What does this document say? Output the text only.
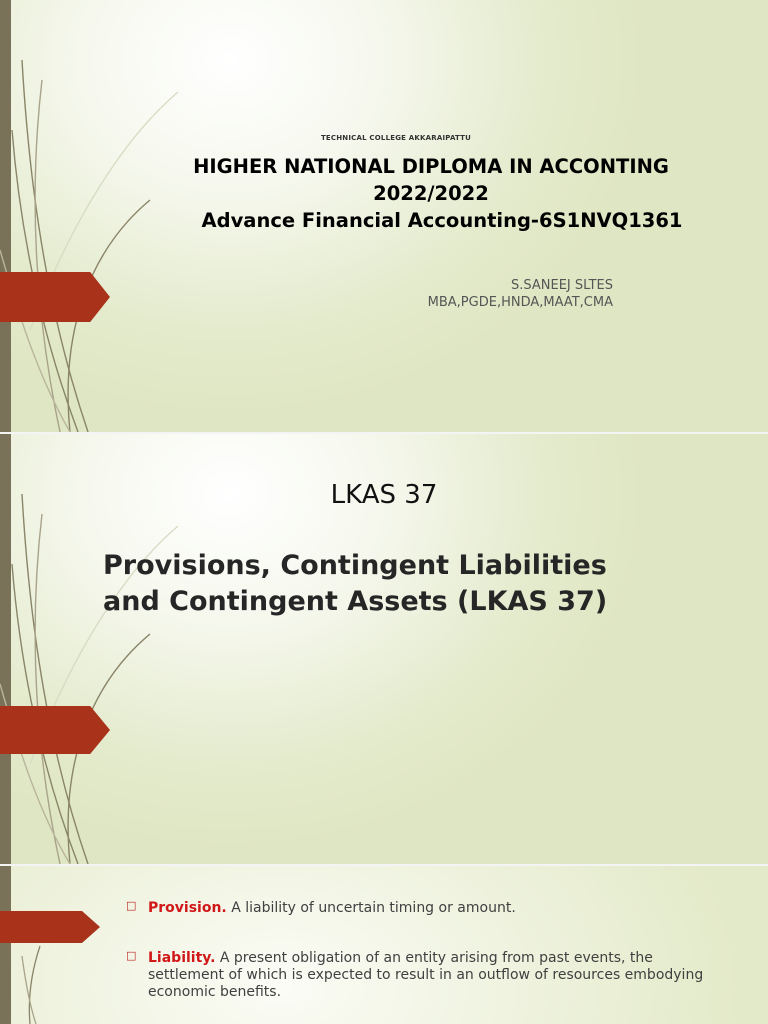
TECHNICAL COLLEGE AKKARAIPATTU
HIGHER NATIONAL DIPLOMA IN ACCONTING
2022/2022
Advance Financial Accounting-6S1NVQ1361
S.SANEEJ SLTES
MBA,PGDE,HNDA,MAAT,CMA
LKAS 37
Provisions, Contingent Liabilities
and Contingent Assets (LKAS 37)
□ Provision. A liability of uncertain timing or amount.
□ Liability. A present obligation of an entity arising from past events, the settlement of which is expected to result in an outflow of resources embodying economic benefits.
